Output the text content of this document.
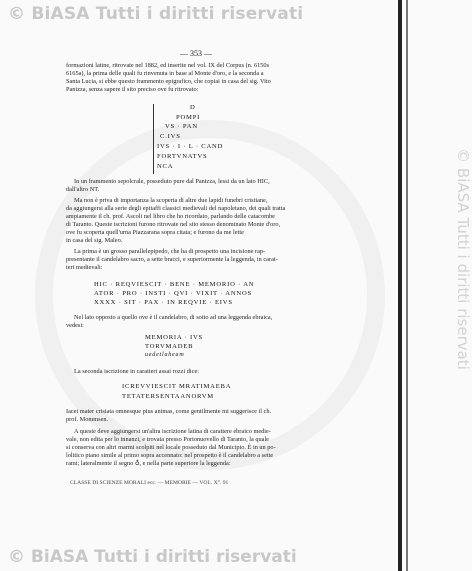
© BiASA Tutti i diritti riservati
© BiASA Tutti i diritti riservati
© BiASA Tutti i diritti riservati
— 353 —
formazioni latine, ritrovate nel 1882, ed inserite nel vol. IX del Corpus (n. 6150s
6165a), la prima delle quali fu rinvenuta in base al Monte d'oro, e la seconda a
Santa Lucia, si ebbe questo frammento epigrafico, che copiai in casa del sig. Vito
Panizza, senza sapere il sito preciso ove fu ritrovato:
D
POMPI
VS · PAN
C.IVS
IVS · I · L · CAND
FORTVNATVS
NCA
In un frammento sepolcrale, posseduto pure dal Panizza, lessi da un lato HIC,
dall'altro NT.
Ma non è priva di importanza la scoperta di altre due lapidi funebri cristiane,
da aggiungersi alla serie degli epitaffi classici medievali del napoletano, dei quali tratta
ampiamente il ch. prof. Ascoli nel libro che ho ricordato, parlando delle catacombe
di Taranto. Queste iscrizioni furono ritrovate nel sito stesso denominato Monte d'oro,
ove fu scoperta quell'urna Piazzarana sopra citata; e furono da me lette
in casa del sig. Maleo.
La prima è un grosso parallelepipedo, che ha di prospetto una incisione rap-
presentante il candelabro sacro, a sette bracci, e superiormente la leggenda, in carat-
teri medievali:
HIC · REQVIESCIT · BENE · MEMORIO · AN
ATOR · PRO · INSTI · QVI · VIXIT · ANNOS
XXXX · SIT · PAX · IN REQVIE · EIVS
Nel lato opposto a quello ove è il candelabro, di sotto ad una leggenda ebraica,
vedesi:
MEMORIA · IVS
TORVMADEB
uedetlaheam
La seconda iscrizione in caratteri assai rozzi dice:
ICREVVIESCIT MRATIMAEBA
TETATERSENTAANORVM
Iacet mater crisiata omnesque pius animas, come gentilmente mi suggerisce il ch.
prof. Mommsen.
A queste deve aggiungersi un'altra iscrizione latina di carattere ebraico medie-
vale, non edita per lo innanzi, e trovata presso Portonuovello di Taranto, la quale
si conserva con altri marmi scolpiti nel locale posseduto dal Municipio. È in un po-
lolitico piano simile al primo sopra accennato: nel prospetto è il candelabro a sette
rami; lateralmente il segno ♁, e nella parte superiore la leggenda:
CLASSE DI SCIENZE MORALI ecc. — MEMORIE — VOL. X°. 91
